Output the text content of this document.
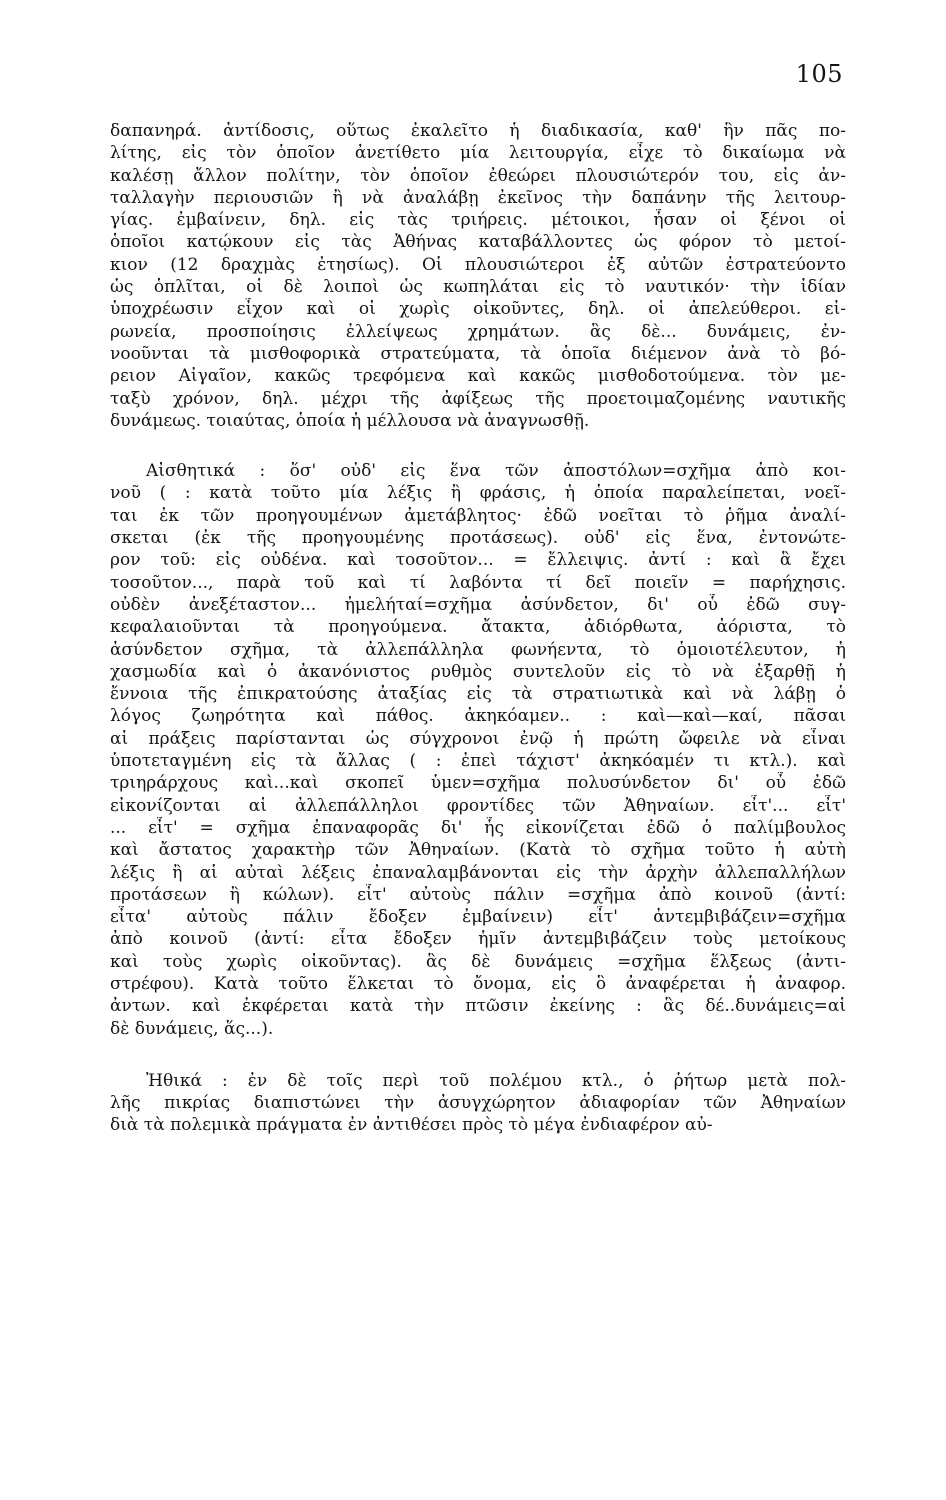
105
δαπανηρά. ἀντίδοσις, οὕτως ἐκαλεῖτο ἡ διαδικασία, καθ' ἣν πᾶς πο-
λίτης, εἰς τὸν ὁποῖον ἀνετίθετο μία λειτουργία, εἶχε τὸ δικαίωμα νὰ
καλέσῃ ἄλλον πολίτην, τὸν ὁποῖον ἐθεώρει πλουσιώτερόν του, εἰς ἀν-
ταλλαγὴν περιουσιῶν ἢ νὰ ἀναλάβῃ ἐκεῖνος τὴν δαπάνην τῆς λειτουρ-
γίας. ἐμβαίνειν, δηλ. εἰς τὰς τριήρεις. μέτοικοι, ἦσαν οἱ ξένοι οἱ
ὁποῖοι κατῴκουν εἰς τὰς Ἀθήνας καταβάλλοντες ὡς φόρον τὸ μετοί-
κιον (12 δραχμὰς ἐτησίως). Οἱ πλουσιώτεροι ἐξ αὐτῶν ἐστρατεύοντο
ὡς ὁπλῖται, οἱ δὲ λοιποὶ ὡς κωπηλάται εἰς τὸ ναυτικόν· τὴν ἰδίαν
ὑποχρέωσιν εἶχον καὶ οἱ χωρὶς οἰκοῦντες, δηλ. οἱ ἀπελεύθεροι. εἰ-
ρωνεία, προσποίησις ἐλλείψεως χρημάτων. ἃς δὲ... δυνάμεις, ἐν-
νοοῦνται τὰ μισθοφορικὰ στρατεύματα, τὰ ὁποῖα διέμενον ἀνὰ τὸ βό-
ρειον Αἰγαῖον, κακῶς τρεφόμενα καὶ κακῶς μισθοδοτούμενα. τὸν με-
ταξὺ χρόνον, δηλ. μέχρι τῆς ἀφίξεως τῆς προετοιμαζομένης ναυτικῆς
δυνάμεως. τοιαύτας, ὁποία ἡ μέλλουσα νὰ ἀναγνωσθῇ.
Αἰσθητικά : ὅσ' οὐδ' εἰς ἕνα τῶν ἀποστόλων=σχῆμα ἀπὸ κοι-
νοῦ ( : κατὰ τοῦτο μία λέξις ἢ φράσις, ἡ ὁποία παραλείπεται, νοεῖ-
ται ἐκ τῶν προηγουμένων ἀμετάβλητος· ἐδῶ νοεῖται τὸ ῥῆμα ἀναλί-
σκεται (ἐκ τῆς προηγουμένης προτάσεως). οὐδ' εἰς ἕνα, ἐντονώτε-
ρον τοῦ: εἰς οὐδένα. καὶ τοσοῦτον... = ἔλλειψις. ἀντί : καὶ ἃ ἔχει
τοσοῦτον..., παρὰ τοῦ καὶ τί λαβόντα τί δεῖ ποιεῖν = παρήχησις.
οὐδὲν ἀνεξέταστον... ἠμελήταί=σχῆμα ἀσύνδετον, δι' οὗ ἐδῶ συγ-
κεφαλαιοῦνται τὰ προηγούμενα. ἄτακτα, ἀδιόρθωτα, ἀόριστα, τὸ
ἀσύνδετον σχῆμα, τὰ ἀλλεπάλληλα φωνήεντα, τὸ ὁμοιοτέλευτον, ἡ
χασμωδία καὶ ὁ ἀκανόνιστος ρυθμὸς συντελοῦν εἰς τὸ νὰ ἐξαρθῇ ἡ
ἔννοια τῆς ἐπικρατούσης ἀταξίας εἰς τὰ στρατιωτικὰ καὶ νὰ λάβῃ ὁ
λόγος ζωηρότητα καὶ πάθος. ἀκηκόαμεν.. : καὶ—καὶ—καί, πᾶσαι
αἱ πράξεις παρίστανται ὡς σύγχρονοι ἐνῷ ἡ πρώτη ὤφειλε νὰ εἶναι
ὑποτεταγμένη εἰς τὰ ἄλλας ( : ἐπεὶ τάχιστ' ἀκηκόαμέν τι κτλ.). καὶ
τριηράρχους καὶ...καὶ σκοπεῖ ὑμεν=σχῆμα πολυσύνδετον δι' οὗ ἐδῶ
εἰκονίζονται αἱ ἀλλεπάλληλοι φροντίδες τῶν Ἀθηναίων. εἶτ'... εἶτ'
... εἶτ' = σχῆμα ἐπαναφορᾶς δι' ἧς εἰκονίζεται ἐδῶ ὁ παλίμβουλος
καὶ ἄστατος χαρακτὴρ τῶν Ἀθηναίων. (Κατὰ τὸ σχῆμα τοῦτο ἡ αὐτὴ
λέξις ἢ αἱ αὐταὶ λέξεις ἐπαναλαμβάνονται εἰς τὴν ἀρχὴν ἀλλεπαλλήλων
προτάσεων ἢ κώλων). εἶτ' αὐτοὺς πάλιν =σχῆμα ἀπὸ κοινοῦ (ἀντί:
εἶτα' αὐτοὺς πάλιν ἔδοξεν ἐμβαίνειν) εἶτ' ἀντεμβιβάζειν=σχῆμα
ἀπὸ κοινοῦ (ἀντί: εἶτα ἔδοξεν ἡμῖν ἀντεμβιβάζειν τοὺς μετοίκους
καὶ τοὺς χωρὶς οἰκοῦντας). ἃς δὲ δυνάμεις =σχῆμα ἕλξεως (ἀντι-
στρέφου). Κατὰ τοῦτο ἕλκεται τὸ ὄνομα, εἰς ὃ ἀναφέρεται ἡ ἀναφορ.
ἀντων. καὶ ἐκφέρεται κατὰ τὴν πτῶσιν ἐκείνης : ἃς δέ..δυνάμεις=αἱ
δὲ δυνάμεις, ἅς...).
Ἠθικά : ἐν δὲ τοῖς περὶ τοῦ πολέμου κτλ., ὁ ῥήτωρ μετὰ πολ-
λῆς πικρίας διαπιστώνει τὴν ἀσυγχώρητον ἀδιαφορίαν τῶν Ἀθηναίων
διὰ τὰ πολεμικὰ πράγματα ἐν ἀντιθέσει πρὸς τὸ μέγα ἐνδιαφέρον αὐ-
